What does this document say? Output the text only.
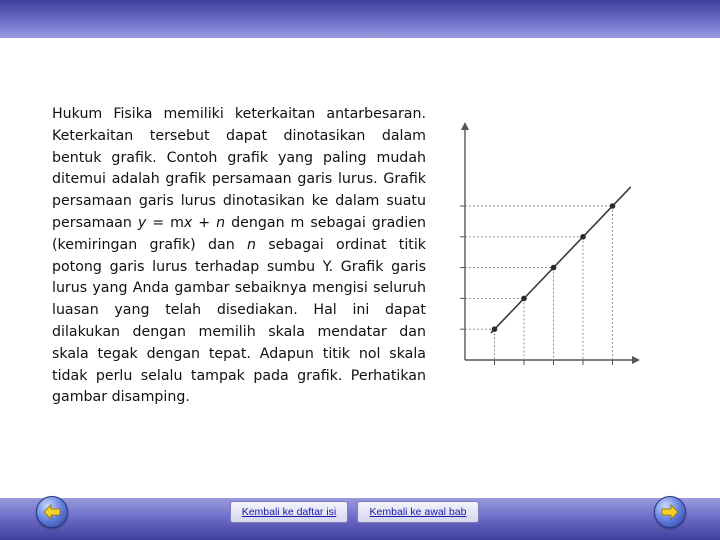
Hukum Fisika memiliki keterkaitan antarbesaran. Keterkaitan tersebut dapat dinotasikan dalam bentuk grafik. Contoh grafik yang paling mudah ditemui adalah grafik persamaan garis lurus. Grafik persamaan garis lurus dinotasikan ke dalam suatu persamaan y = mx + n dengan m sebagai gradien (kemiringan grafik) dan n sebagai ordinat titik potong garis lurus terhadap sumbu Y. Grafik garis lurus yang Anda gambar sebaiknya mengisi seluruh luasan yang telah disediakan. Hal ini dapat dilakukan dengan memilih skala mendatar dan skala tegak dengan tepat. Adapun titik nol skala tidak perlu selalu tampak pada grafik. Perhatikan gambar disamping.
Kembali ke daftar isi	Kembali ke awal bab
